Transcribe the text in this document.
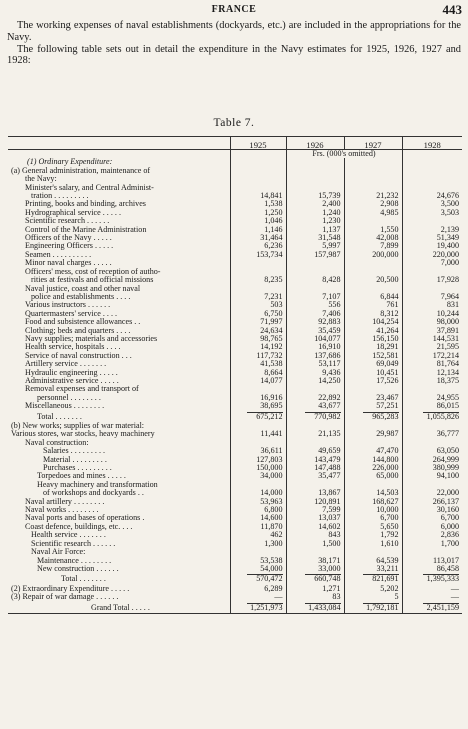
FRANCE	443

The working expenses of naval establishments (dockyards, etc.) are included in the appropriations for the Navy.

The following table sets out in detail the expenditure in the Navy estimates for 1925, 1926, 1927 and 1928:

Table 7.
	1925	1926	1927	1928
		Frs. (000's omitted)		
(1) Ordinary Expenditure:				
(a) General administration, maintenance of				
the Navy:				
Minister's salary, and Central Administ-				
tration . . . . . . . . .	14,841	15,739	21,232	24,676
Printing, books and binding, archives	1,538	2,400	2,908	3,500
Hydrographical service . . . . .	1,250	1,240	4,985	3,503
Scientific research . . . . . .	1,046	1,230		
Control of the Marine Administration	1,146	1,137	1,550	2,139
Officers of the Navy . . . . .	31,464	31,548	42,008	51,349
Engineering Officers . . . . .	6,236	5,997	7,899	19,400
Seamen . . . . . . . . . .	153,734	157,987	200,000	220,000
Minor naval charges . . . . .				7,000
Officers' mess, cost of reception of autho-				
rities at festivals and official missions	8,235	8,428	20,500	17,928
Naval justice, coast and other naval				
police and establishments . . . .	7,231	7,107	6,844	7,964
Various instructors . . . . . .	503	556	761	831
Quartermasters' service . . . .	6,750	7,406	8,312	10,244
Food and subsistence allowances . .	71,997	92,883	104,254	98,000
Clothing; beds and quarters . . . .	24,634	35,459	41,264	37,891
Navy supplies; materials and accessories	98,765	104,077	156,150	144,531
Health service, hospitals . . . .	14,192	16,910	18,291	21,595
Service of naval construction . . .	117,732	137,686	152,581	172,214
Artillery service . . . . . . .	41,538	53,117	69,049	81,764
Hydraulic engineering . . . . .	8,664	9,436	10,451	12,134
Administrative service . . . . .	14,077	14,250	17,526	18,375
Removal expenses and transport of				
personnel . . . . . . . .	16,916	22,892	23,467	24,955
Miscellaneous . . . . . . . .	38,695	43,677	57,251	86,015
Total . . . . . . .	675,212	770,982	965,283	1,055,826
(b) New works; supplies of war material:				
Various stores, war stocks, heavy machinery	11,441	21,135	29,987	36,777
Naval construction:				
Salaries . . . . . . . . .	36,611	49,659	47,470	63,050
Material . . . . . . . . .	127,803	143,479	144,800	264,999
Purchases . . . . . . . . .	150,000	147,488	226,000	380,999
Torpedoes and mines . . . . .	34,000	35,477	65,000	94,100
Heavy machinery and transformation				
of workshops and dockyards . .	14,000	13,867	14,503	22,000
Naval artillery . . . . . . . .	53,963	120,891	168,627	266,137
Naval works . . . . . . . .	6,800	7,599	10,000	30,160
Naval ports and bases of operations .	14,600	13,037	6,700	6,700
Coast defence, buildings, etc. . . .	11,870	14,602	5,650	6,000
Health service . . . . . . .	462	843	1,792	2,836
Scientific research . . . . . .	1,300	1,500	1,610	1,700
Naval Air Force:				
Maintenance . . . . . . . .	53,538	38,171	64,539	113,017
New construction . . . . . .	54,000	33,000	33,211	86,458
Total . . . . . . .	570,472	660,748	821,691	1,395,333
(2) Extraordinary Expenditure . . . . .	6,289	1,271	5,202	—
(3) Repair of war damage . . . . . .	—	83	5	—
Grand Total . . . . .	1,251,973	1,433,084	1,792,181	2,451,159
